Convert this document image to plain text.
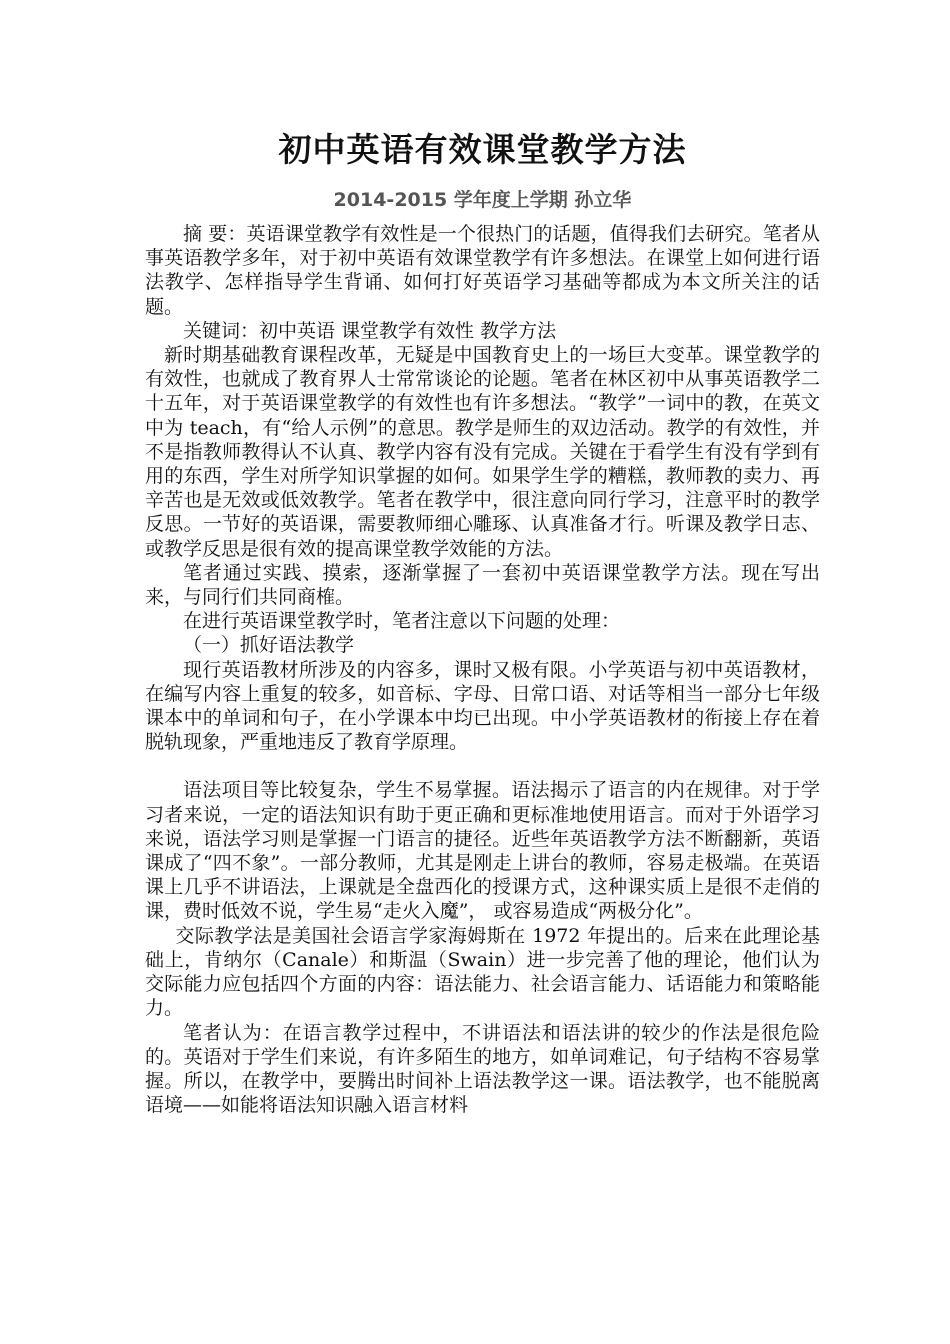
初中英语有效课堂教学方法
2014-2015 学年度上学期 孙立华

摘 要：英语课堂教学有效性是一个很热门的话题，值得我们去研究。笔者从事英语教学多年，对于初中英语有效课堂教学有许多想法。在课堂上如何进行语法教学、怎样指导学生背诵、如何打好英语学习基础等都成为本文所关注的话题。

关键词：初中英语 课堂教学有效性 教学方法

新时期基础教育课程改革，无疑是中国教育史上的一场巨大变革。课堂教学的有效性，也就成了教育界人士常常谈论的论题。笔者在林区初中从事英语教学二十五年，对于英语课堂教学的有效性也有许多想法。“教学”一词中的教，在英文中为 teach，有“给人示例”的意思。教学是师生的双边活动。教学的有效性，并不是指教师教得认不认真、教学内容有没有完成。关键在于看学生有没有学到有用的东西，学生对所学知识掌握的如何。如果学生学的糟糕，教师教的卖力、再辛苦也是无效或低效教学。笔者在教学中，很注意向同行学习，注意平时的教学反思。一节好的英语课，需要教师细心雕琢、认真准备才行。听课及教学日志、或教学反思是很有效的提高课堂教学效能的方法。

笔者通过实践、摸索，逐渐掌握了一套初中英语课堂教学方法。现在写出来，与同行们共同商榷。

在进行英语课堂教学时，笔者注意以下问题的处理：

（一）抓好语法教学

现行英语教材所涉及的内容多，课时又极有限。小学英语与初中英语教材，在编写内容上重复的较多，如音标、字母、日常口语、对话等相当一部分七年级课本中的单词和句子，在小学课本中均已出现。中小学英语教材的衔接上存在着脱轨现象，严重地违反了教育学原理。

语法项目等比较复杂，学生不易掌握。语法揭示了语言的内在规律。对于学习者来说，一定的语法知识有助于更正确和更标准地使用语言。而对于外语学习来说，语法学习则是掌握一门语言的捷径。近些年英语教学方法不断翻新，英语课成了“四不象”。一部分教师，尤其是刚走上讲台的教师，容易走极端。在英语课上几乎不讲语法，上课就是全盘西化的授课方式，这种课实质上是很不走俏的课，费时低效不说，学生易“走火入魔”， 或容易造成“两极分化”。

交际教学法是美国社会语言学家海姆斯在 1972 年提出的。后来在此理论基础上，肯纳尔（Canale）和斯温（Swain）进一步完善了他的理论，他们认为交际能力应包括四个方面的内容：语法能力、社会语言能力、话语能力和策略能力。

笔者认为：在语言教学过程中，不讲语法和语法讲的较少的作法是很危险的。英语对于学生们来说，有许多陌生的地方，如单词难记，句子结构不容易掌握。所以，在教学中，要腾出时间补上语法教学这一课。语法教学，也不能脱离语境——如能将语法知识融入语言材料
